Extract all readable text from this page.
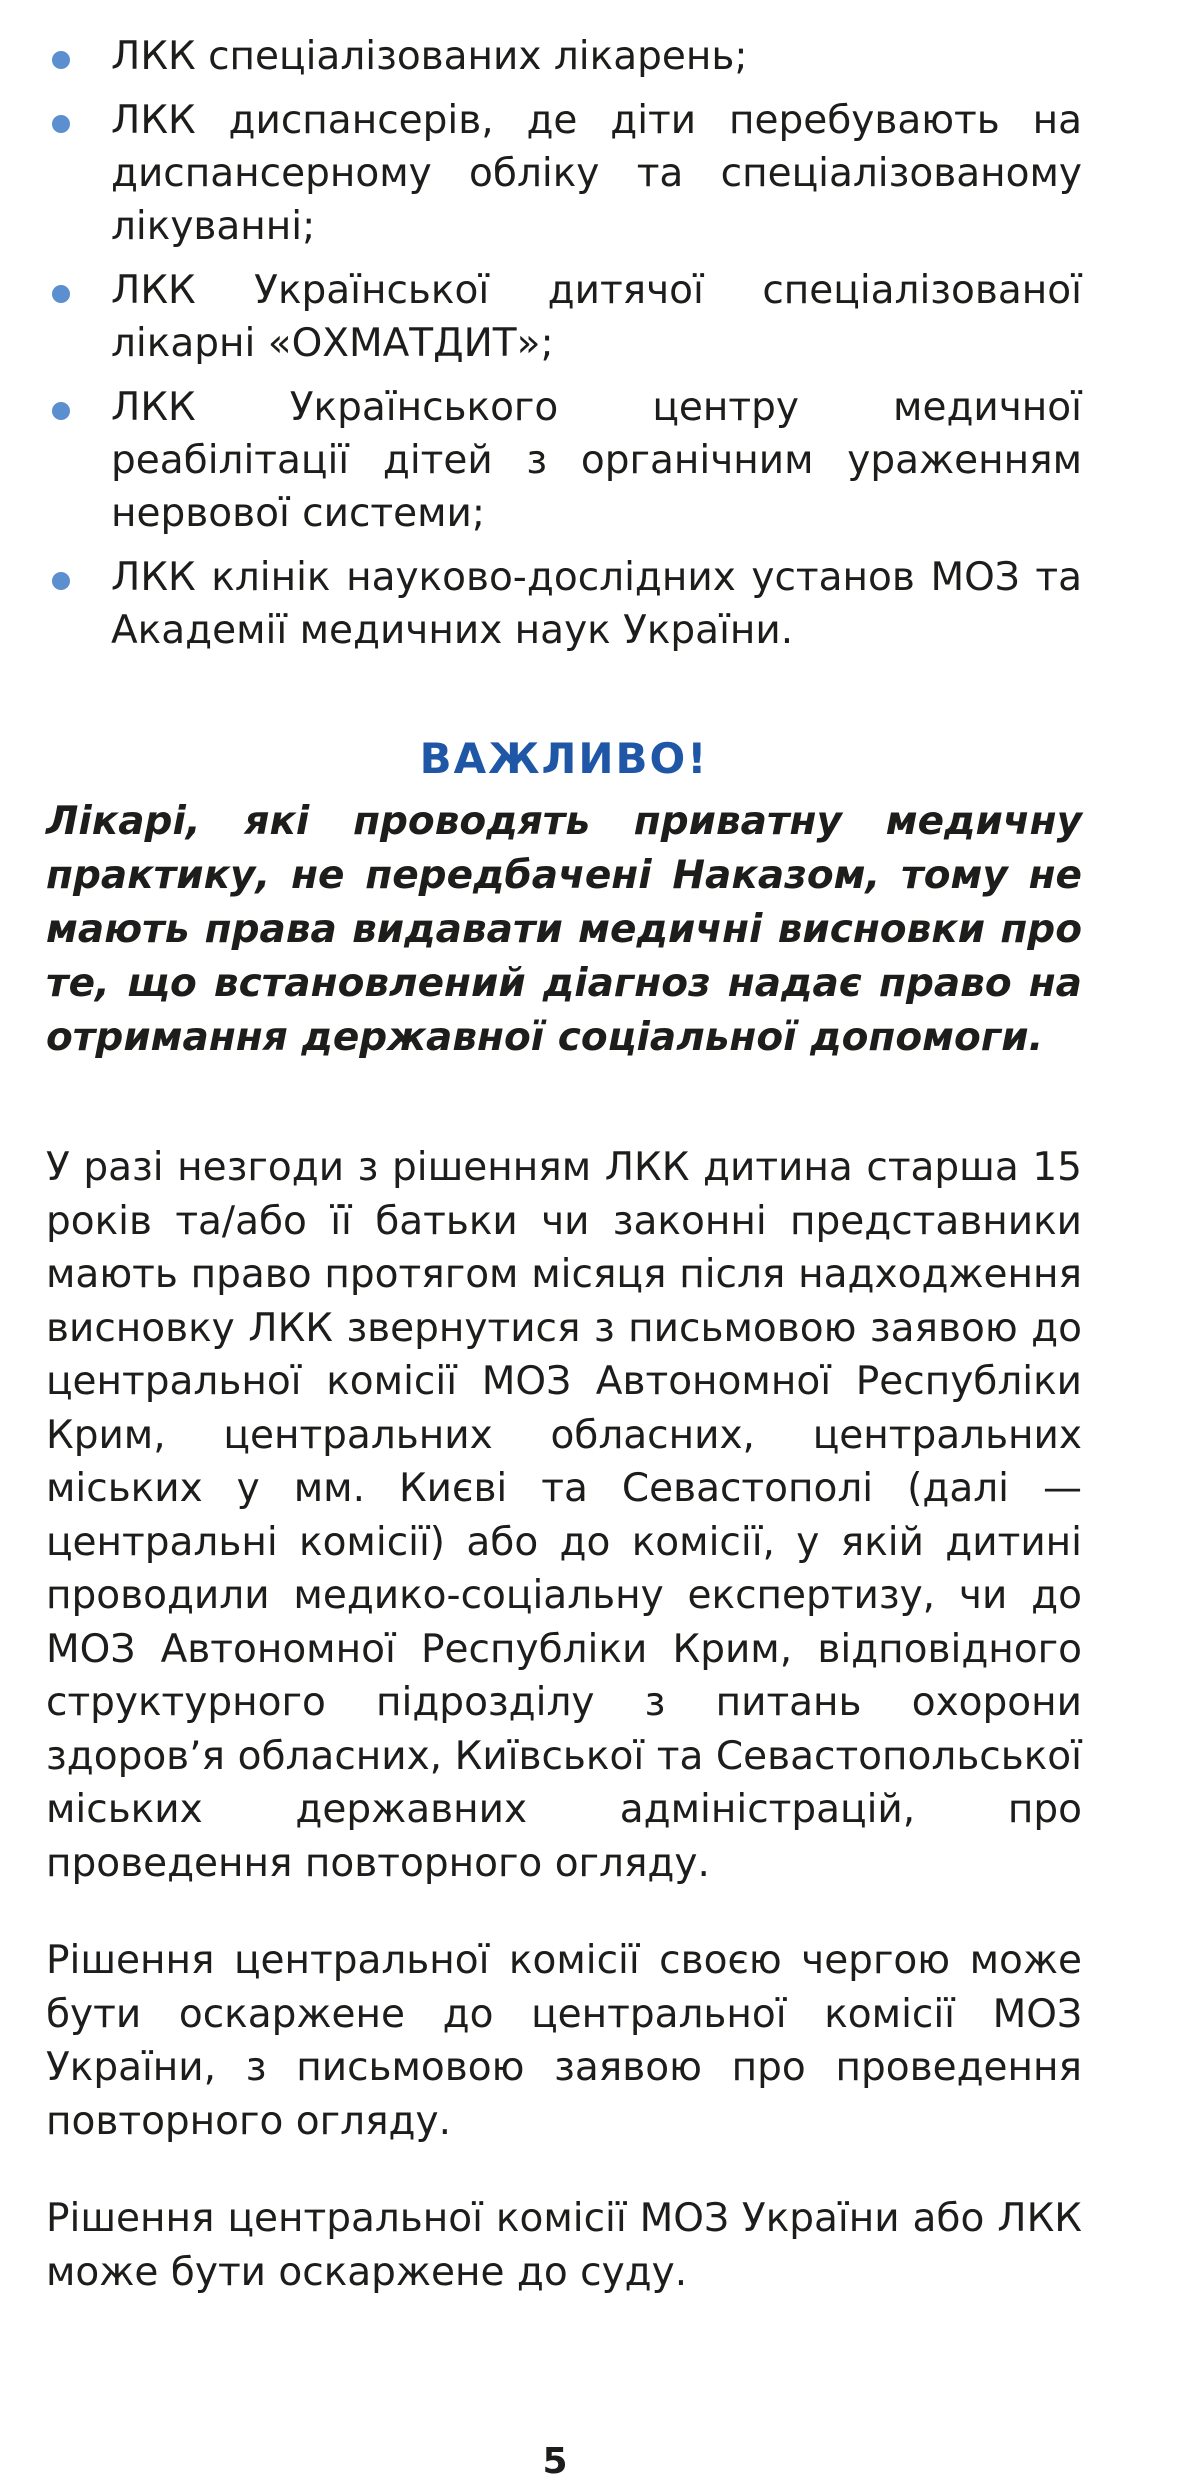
ЛКК спеціалізованих лікарень;
ЛКК диспансерів, де діти перебувають на диспансерному обліку та спеціалізованому лікуванні;
ЛКК Української дитячої спеціалізованої лікарні «ОХМАТДИТ»;
ЛКК Українського центру медичної реабілітації дітей з органічним ураженням нервової системи;
ЛКК клінік науково-дослідних установ МОЗ та Академії медичних наук України.
ВАЖЛИВО!
Лікарі, які проводять приватну медичну практику, не передбачені Наказом, тому не мають права видавати медичні висновки про те, що встановлений діагноз надає право на отримання державної соціальної допомоги.

У разі незгоди з рішенням ЛКК дитина старша 15 років та/або її батьки чи законні представники мають право протягом місяця після надходження висновку ЛКК звернутися з письмовою заявою до центральної комісії МОЗ Автономної Республіки Крим, центральних обласних, центральних міських у мм. Києві та Севастополі (далі — центральні комісії) або до комісії, у якій дитині проводили медико-соціальну експертизу, чи до МОЗ Автономної Республіки Крим, відповідного структурного підрозділу з питань охорони здоров’я обласних, Київської та Севастопольської міських державних адміністрацій, про проведення повторного огляду.

Рішення центральної комісії своєю чергою може бути оскаржене до центральної комісії МОЗ України, з письмовою заявою про проведення повторного огляду.

Рішення центральної комісії МОЗ України або ЛКК може бути оскаржене до суду.

5
